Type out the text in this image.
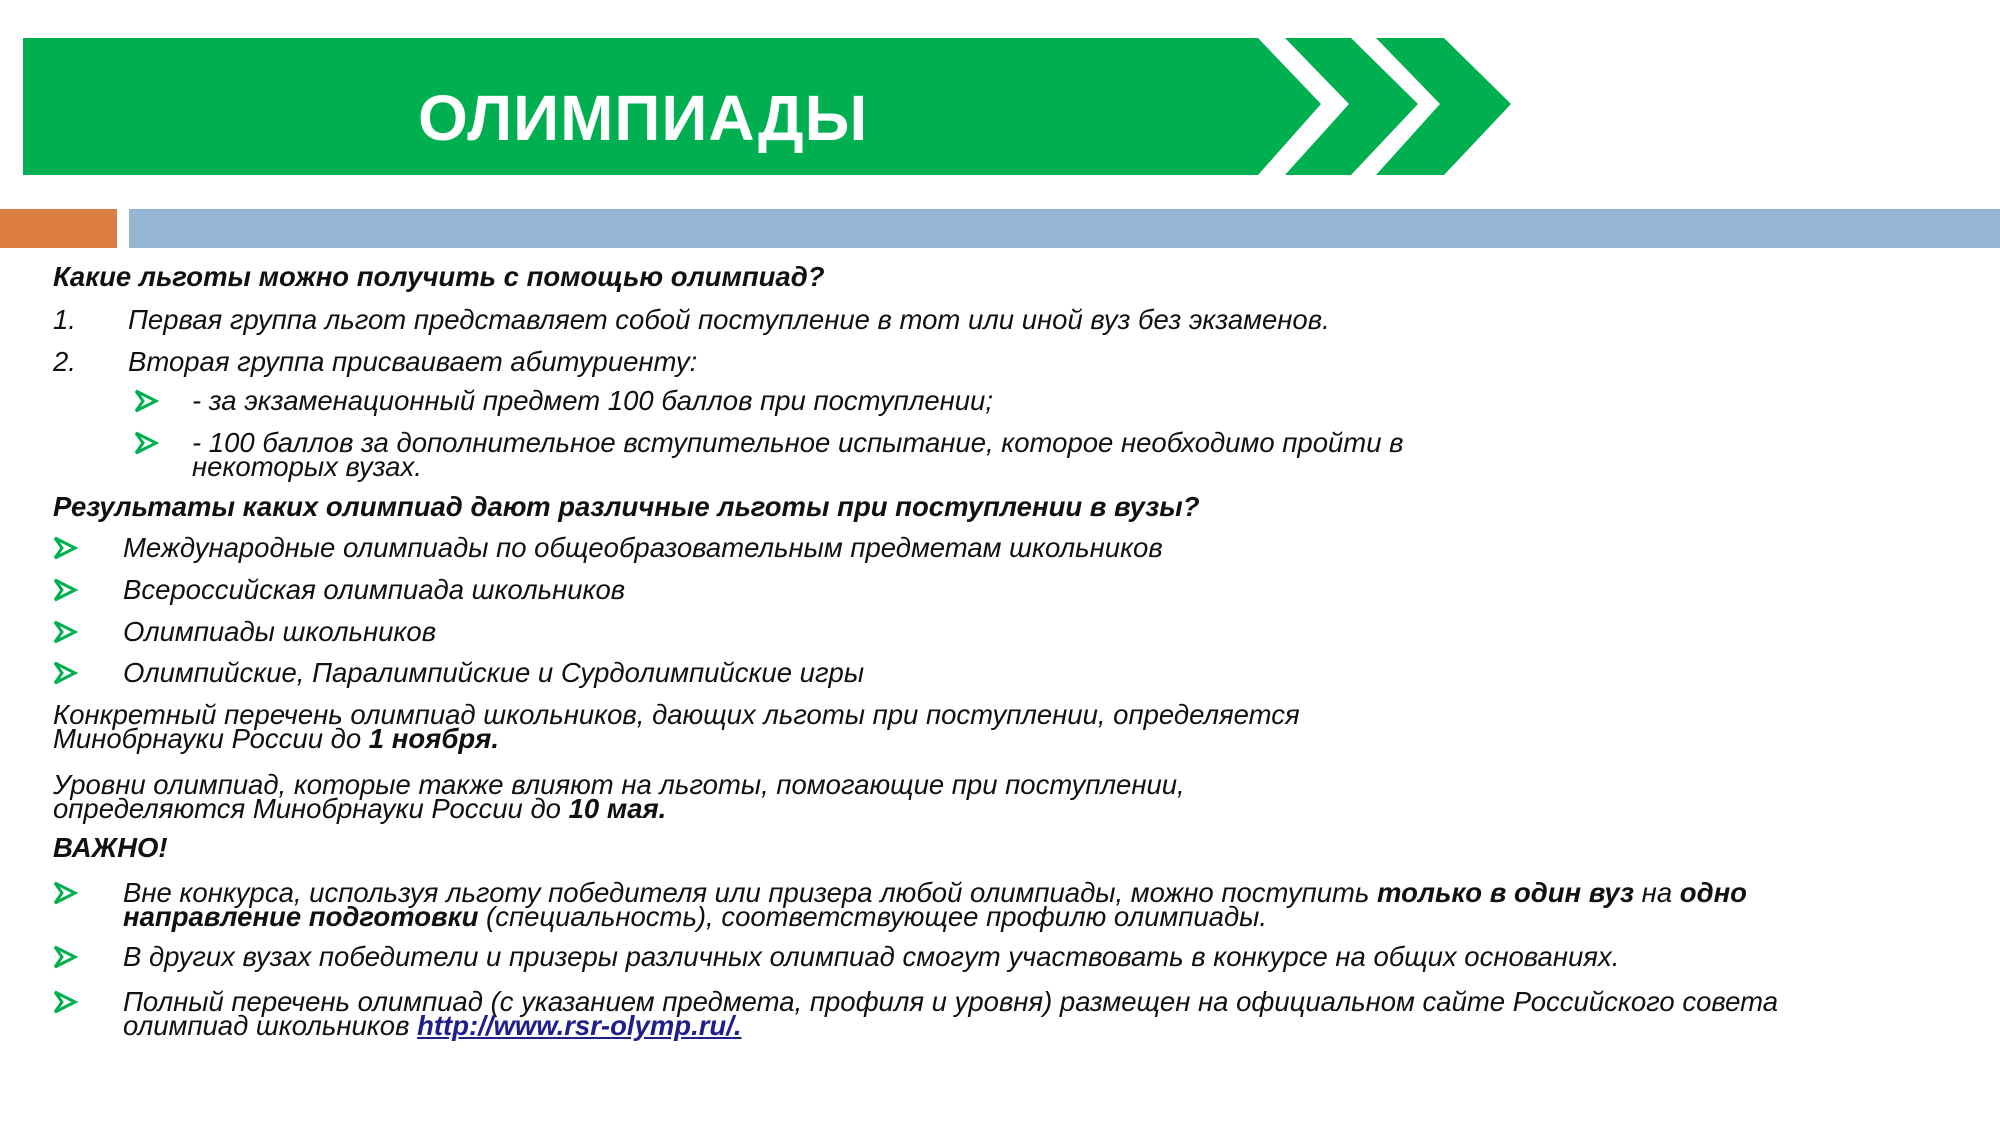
ОЛИМПИАДЫ
Какие льготы можно получить с помощью олимпиад?
1. Первая группа льгот представляет собой поступление в тот или иной вуз без экзаменов.
2. Вторая группа присваивает абитуриенту:
- за экзаменационный предмет 100 баллов при поступлении;
- 100 баллов за дополнительное вступительное испытание, которое необходимо пройти в
некоторых вузах.
Результаты каких олимпиад дают различные льготы при поступлении в вузы?
Международные олимпиады по общеобразовательным предметам школьников
Всероссийская олимпиада школьников
Олимпиады школьников
Олимпийские, Паралимпийские и Сурдолимпийские игры
Конкретный перечень олимпиад школьников, дающих льготы при поступлении, определяется
Минобрнауки России до 1 ноября.
Уровни олимпиад, которые также влияют на льготы, помогающие при поступлении,
определяются Минобрнауки России до 10 мая.
ВАЖНО!
Вне конкурса, используя льготу победителя или призера любой олимпиады, можно поступить только в один вуз на одно
направление подготовки (специальность), соответствующее профилю олимпиады.
В других вузах победители и призеры различных олимпиад смогут участвовать в конкурсе на общих основаниях.
Полный перечень олимпиад (с указанием предмета, профиля и уровня) размещен на официальном сайте Российского совета
олимпиад школьников http://www.rsr-olymp.ru/.
